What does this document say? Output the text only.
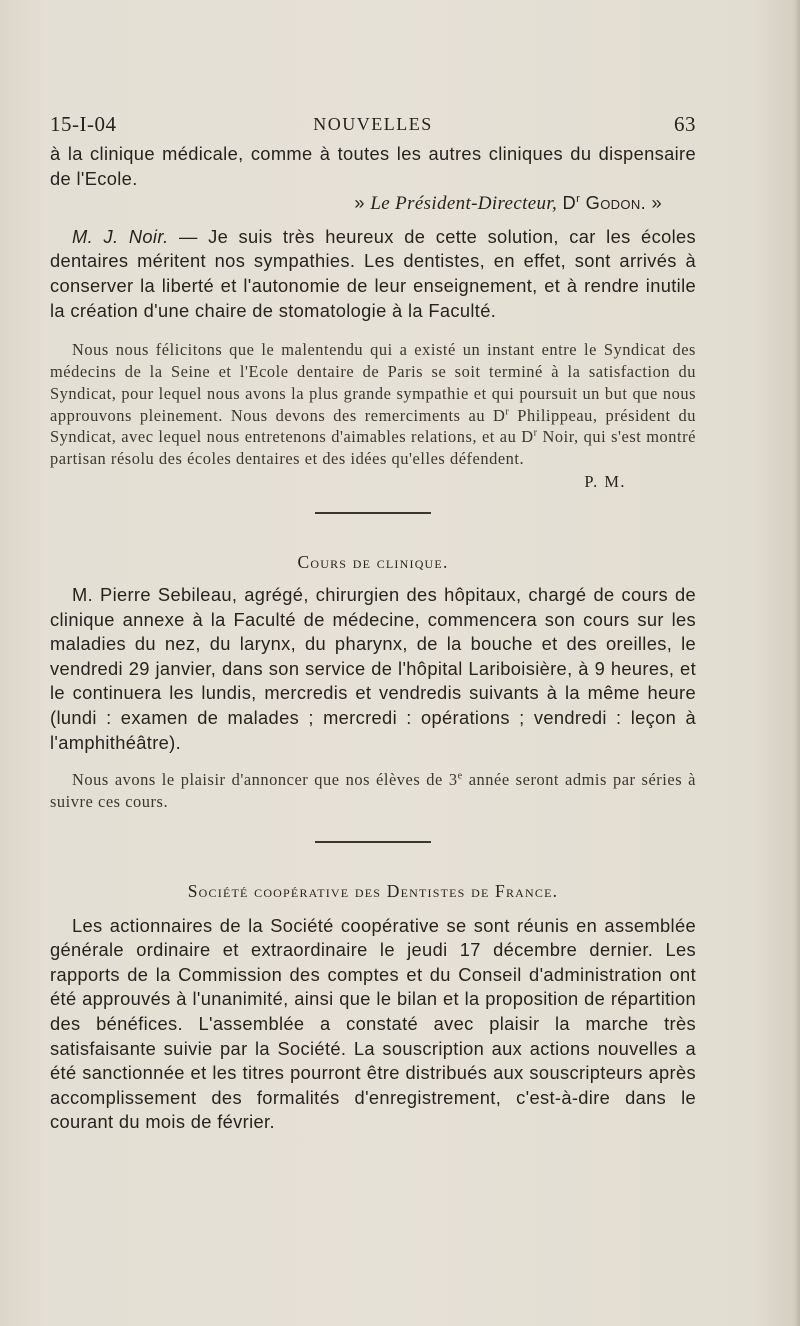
15-I-04	NOUVELLES	63

à la clinique médicale, comme à toutes les autres cliniques du dispensaire de l'Ecole.

» Le Président-Directeur, $D^r$ Godon. »

M. J. Noir. — Je suis très heureux de cette solution, car les écoles dentaires méritent nos sympathies. Les dentistes, en effet, sont arrivés à conserver la liberté et l'autonomie de leur enseignement, et à rendre inutile la création d'une chaire de stomatologie à la Faculté.

Nous nous félicitons que le malentendu qui a existé un instant entre le Syndicat des médecins de la Seine et l'Ecole dentaire de Paris se soit terminé à la satisfaction du Syndicat, pour lequel nous avons la plus grande sympathie et qui poursuit un but que nous approuvons pleinement. Nous devons des remerciments au $D^r$ Philippeau, président du Syndicat, avec lequel nous entretenons d'aimables relations, et au $D^r$ Noir, qui s'est montré partisan résolu des écoles dentaires et des idées qu'elles défendent.

P. M.
Cours de clinique.

M. Pierre Sebileau, agrégé, chirurgien des hôpitaux, chargé de cours de clinique annexe à la Faculté de médecine, commencera son cours sur les maladies du nez, du larynx, du pharynx, de la bouche et des oreilles, le vendredi 29 janvier, dans son service de l'hôpital Lariboisière, à 9 heures, et le continuera les lundis, mercredis et vendredis suivants à la même heure (lundi : examen de malades ; mercredi : opérations ; vendredi : leçon à l'amphithéâtre).

Nous avons le plaisir d'annoncer que nos élèves de 3e année seront admis par séries à suivre ces cours.

Société coopérative des Dentistes de France.

Les actionnaires de la Société coopérative se sont réunis en assemblée générale ordinaire et extraordinaire le jeudi 17 décembre dernier. Les rapports de la Commission des comptes et du Conseil d'administration ont été approuvés à l'unanimité, ainsi que le bilan et la proposition de répartition des bénéfices. L'assemblée a constaté avec plaisir la marche très satisfaisante suivie par la Société. La souscription aux actions nouvelles a été sanctionnée et les titres pourront être distribués aux souscripteurs après accomplissement des formalités d'enregistrement, c'est-à-dire dans le courant du mois de février.
